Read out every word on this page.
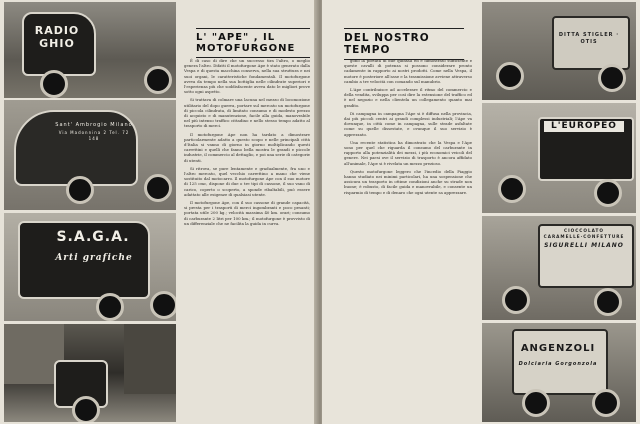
RADIO GHIO
Sant' Ambrogio Milano
Via Madonnina 2 Tel. 72 148
S.A.G.A.
Arti grafiche
L' "APE" , IL MOTOFURGONE

È di caso di dire che un successo tira l'altro, o meglio genera l'altro. Difatti il motofurgone Ape è stato generato dalla Vespa e di questa macchina conserva, nella sua struttura e nei suoi organi, le caratteristiche fondamentali. Il motofurgone aveva da tempo nella sua bottiglia nelle cilindrate superiori e l'esperienza più che soddisfacente aveva dato le migliori prove sotto ogni aspetto.

Si trattava di colmare una lacuna nel mezzo di locomozione utilitario del dopo guerra, portare sul mercato un motofurgone di piccola cilindrata, di limitato consumo e di modesto prezzo di acquisto e di manutenzione, facile alla guida, manovrabile nel più intenso traffico cittadino e nello stesso tempo adatto al trasporto di merci.

Il motofurgone Ape non ha tardato a dimostrare particolarmente adatto a questo scopo e nelle principali città d'Italia si vanno di giorno in giorno moltiplicando questi carrettini e quelli che fanno bella mostra le grandi e piccole industrie, il commercio al dettaglio, e poi una serie di categorie di utenti.

Si ritrova, se pure lentamente e gradualmente, fra uno e l'altro mercato, quel vecchio carrettino a mano che viene sostituito dal motocarro. Il motofurgone Ape con il suo motore di 125 cmc, dispone di due o tre tipi di cassone, il suo vano di carico, coperto o scoperto, a sponde ribaltabili, può essere adattato alle esigenze di qualsiasi utente.

Il motofurgone Ape, con il suo cassone di grande capacità, si presta per i trasporti di merci ingombranti e poco pesanti; portata utile 200 kg.; velocità massima 40 km. orari; consumo di carburante 2 litri per 100 km.; il motofurgone è provvisto di un differenziale che ne facilita la guida in curva.

DEL NOSTRO TEMPO

gono la portata di due quintali ed è dimostrato sufficiente e queste cavalli di potenza si possono considerare pronto cadamente in rapporto ai nostri prodotti. Come nella Vespa, il motore è posteriore all'asse e la trasmissione avviene attraverso cambio a tre velocità con comando sul manubrio.

L'Ape contribuisce ad accelerare il ritmo del commercio e della vendita, sviluppa per così dire la estensione del traffico ed è nel negozio e nella clientela un collegamento quanto mai gradito.

Di campagna in campagna l'Ape si è diffusa nella provincia, dai più piccoli centri ai grandi complessi industriali; l'Ape va dovunque, in città come in campagna, sulle strade asfaltate come su quelle dissestate, e ovunque il suo servizio è apprezzato.

Una recente statistica ha dimostrato che la Vespa e l'Ape sono per quel che riguarda il consumo del carburante in rapporto alla potenzialità dei mezzi, i più economici veicoli del genere. Nei paesi ove il servizio di trasporto è ancora affidato all'animale, l'Ape si è rivelata un mezzo prezioso.

Questo motofurgone leggero che l'incedio della Piaggio hanno studiato nei minimi particolari, ha una sospensione che assicura un trasporto in ottime condizioni anche su strade non buone; è robusto, di facile guida e manovrabile, e consente un risparmio di tempo e di denaro che ogni utente sa apprezzare.

DITTA STIGLER · OTIS
L'EUROPEO
CIOCCOLATO CARAMELLE·CONFETTURE
SIGURELLI MILANO
ANGENZOLI
Dolciaria Gorgonzola
